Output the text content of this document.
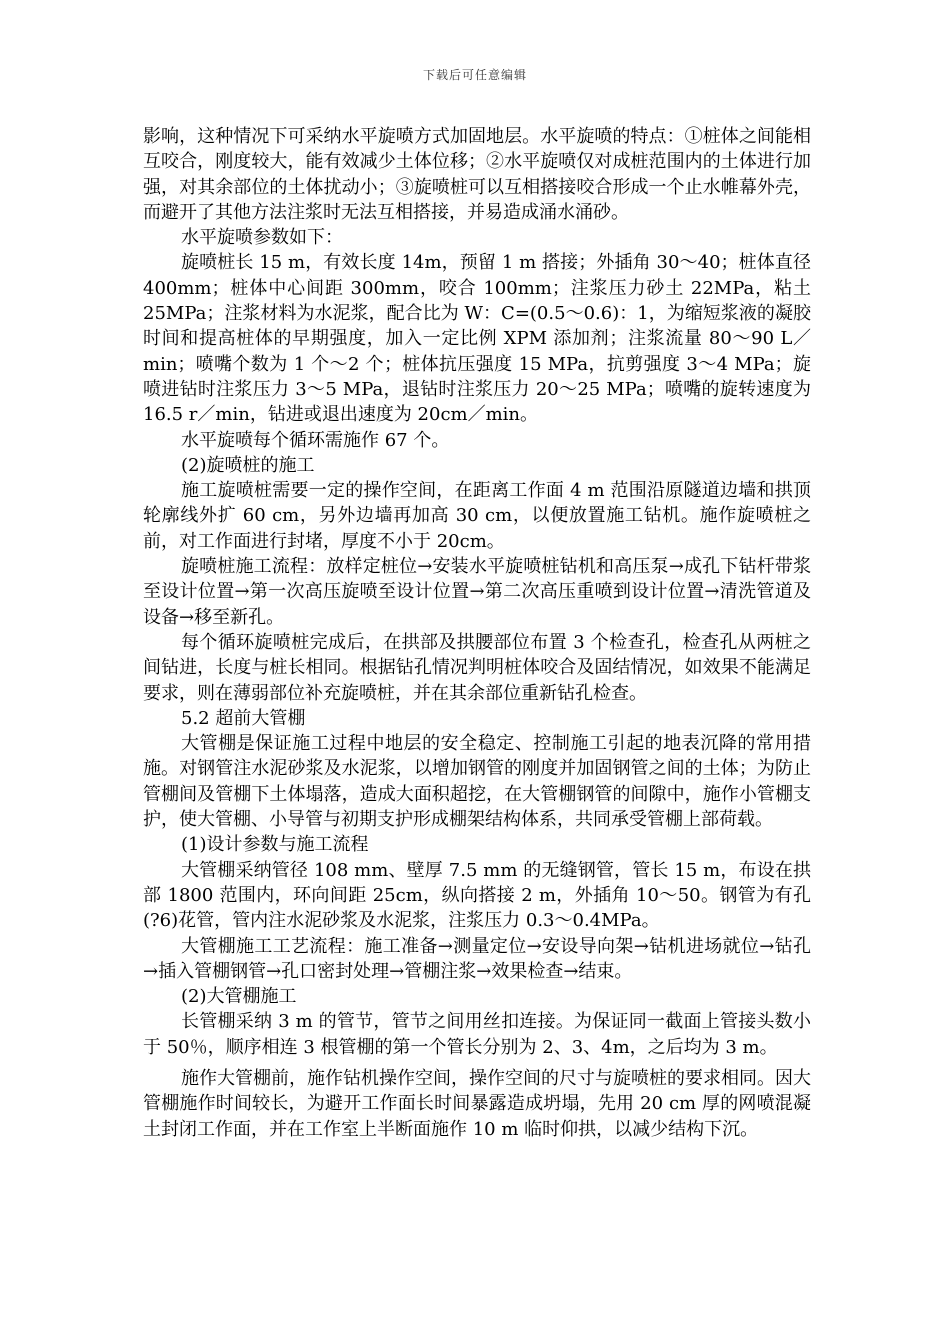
下载后可任意编辑

影响，这种情况下可采纳水平旋喷方式加固地层。水平旋喷的特点：①桩体之间能相互咬合，刚度较大，能有效减少土体位移；②水平旋喷仅对成桩范围内的土体进行加强，对其余部位的土体扰动小；③旋喷桩可以互相搭接咬合形成一个止水帷幕外壳，而避开了其他方法注浆时无法互相搭接，并易造成涌水涌砂。

水平旋喷参数如下：

旋喷桩长 15 m，有效长度 14m，预留 1 m 搭接；外插角 30～40；桩体直径 400mm；桩体中心间距 300mm，咬合 100mm；注浆压力砂土 22MPa，粘土 25MPa；注浆材料为水泥浆，配合比为 W：C=(0.5～0.6)：1，为缩短浆液的凝胶时间和提高桩体的早期强度，加入一定比例 XPM 添加剂；注浆流量 80～90 L／min；喷嘴个数为 1 个～2 个；桩体抗压强度 15 MPa，抗剪强度 3～4 MPa；旋喷进钻时注浆压力 3～5 MPa，退钻时注浆压力 20～25 MPa；喷嘴的旋转速度为 16.5 r／min，钻进或退出速度为 20cm／min。

水平旋喷每个循环需施作 67 个。

(2)旋喷桩的施工

施工旋喷桩需要一定的操作空间，在距离工作面 4 m 范围沿原隧道边墙和拱顶轮廓线外扩 60 cm，另外边墙再加高 30 cm，以便放置施工钻机。施作旋喷桩之前，对工作面进行封堵，厚度不小于 20cm。

旋喷桩施工流程：放样定桩位→安装水平旋喷桩钻机和高压泵→成孔下钻杆带浆至设计位置→第一次高压旋喷至设计位置→第二次高压重喷到设计位置→清洗管道及设备→移至新孔。

每个循环旋喷桩完成后，在拱部及拱腰部位布置 3 个检查孔，检查孔从两桩之间钻进，长度与桩长相同。根据钻孔情况判明桩体咬合及固结情况，如效果不能满足要求，则在薄弱部位补充旋喷桩，并在其余部位重新钻孔检查。

5.2 超前大管棚

大管棚是保证施工过程中地层的安全稳定、控制施工引起的地表沉降的常用措施。对钢管注水泥砂浆及水泥浆，以增加钢管的刚度并加固钢管之间的土体；为防止管棚间及管棚下土体塌落，造成大面积超挖，在大管棚钢管的间隙中，施作小管棚支护，使大管棚、小导管与初期支护形成棚架结构体系，共同承受管棚上部荷载。

(1)设计参数与施工流程

大管棚采纳管径 108 mm、壁厚 7.5 mm 的无缝钢管，管长 15 m，布设在拱部 1800 范围内，环向间距 25cm，纵向搭接 2 m，外插角 10～50。钢管为有孔(?6)花管，管内注水泥砂浆及水泥浆，注浆压力 0.3～0.4MPa。

大管棚施工工艺流程：施工准备→测量定位→安设导向架→钻机进场就位→钻孔→插入管棚钢管→孔口密封处理→管棚注浆→效果检查→结束。

(2)大管棚施工

长管棚采纳 3 m 的管节，管节之间用丝扣连接。为保证同一截面上管接头数小于 50％，顺序相连 3 根管棚的第一个管长分别为 2、3、4m，之后均为 3 m。

施作大管棚前，施作钻机操作空间，操作空间的尺寸与旋喷桩的要求相同。因大管棚施作时间较长，为避开工作面长时间暴露造成坍塌，先用 20 cm 厚的网喷混凝土封闭工作面，并在工作室上半断面施作 10 m 临时仰拱，以减少结构下沉。
